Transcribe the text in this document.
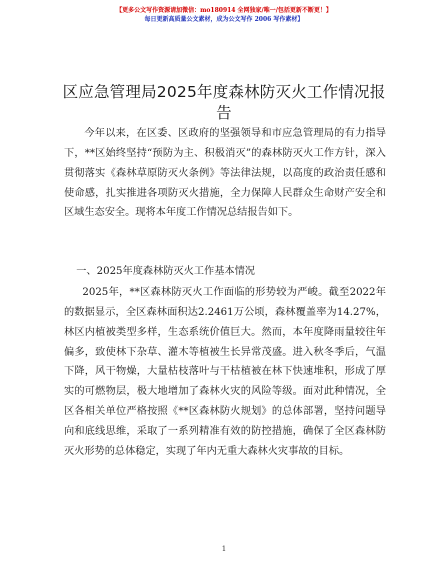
【更多公文写作资源请加微信：mo180914 全网独家/唯一/包括更新不断更！】
每日更新高质量公文素材，成为公文写作 2006 写作素材】
区应急管理局2025年度森林防灭火工作情况报告

今年以来，在区委、区政府的坚强领导和市应急管理局的有力指导下，**区始终坚持“预防为主、积极消灭”的森林防灭火工作方针，深入贯彻落实《森林草原防灭火条例》等法律法规，以高度的政治责任感和使命感，扎实推进各项防灭火措施，全力保障人民群众生命财产安全和区域生态安全。现将本年度工作情况总结报告如下。

一、2025年度森林防灭火工作基本情况

2025年，**区森林防灭火工作面临的形势较为严峻。截至2022年的数据显示，全区森林面积达2.2461万公顷，森林覆盖率为14.27%，林区内植被类型多样，生态系统价值巨大。然而，本年度降雨量较往年偏多，致使林下杂草、灌木等植被生长异常茂盛。进入秋冬季后，气温下降，风干物燥，大量枯枝落叶与干枯植被在林下快速堆积，形成了厚实的可燃物层，极大地增加了森林火灾的风险等级。面对此种情况，全区各相关单位严格按照《**区森林防火规划》的总体部署，坚持问题导向和底线思维，采取了一系列精准有效的防控措施，确保了全区森林防灭火形势的总体稳定，实现了年内无重大森林火灾事故的目标。

1
